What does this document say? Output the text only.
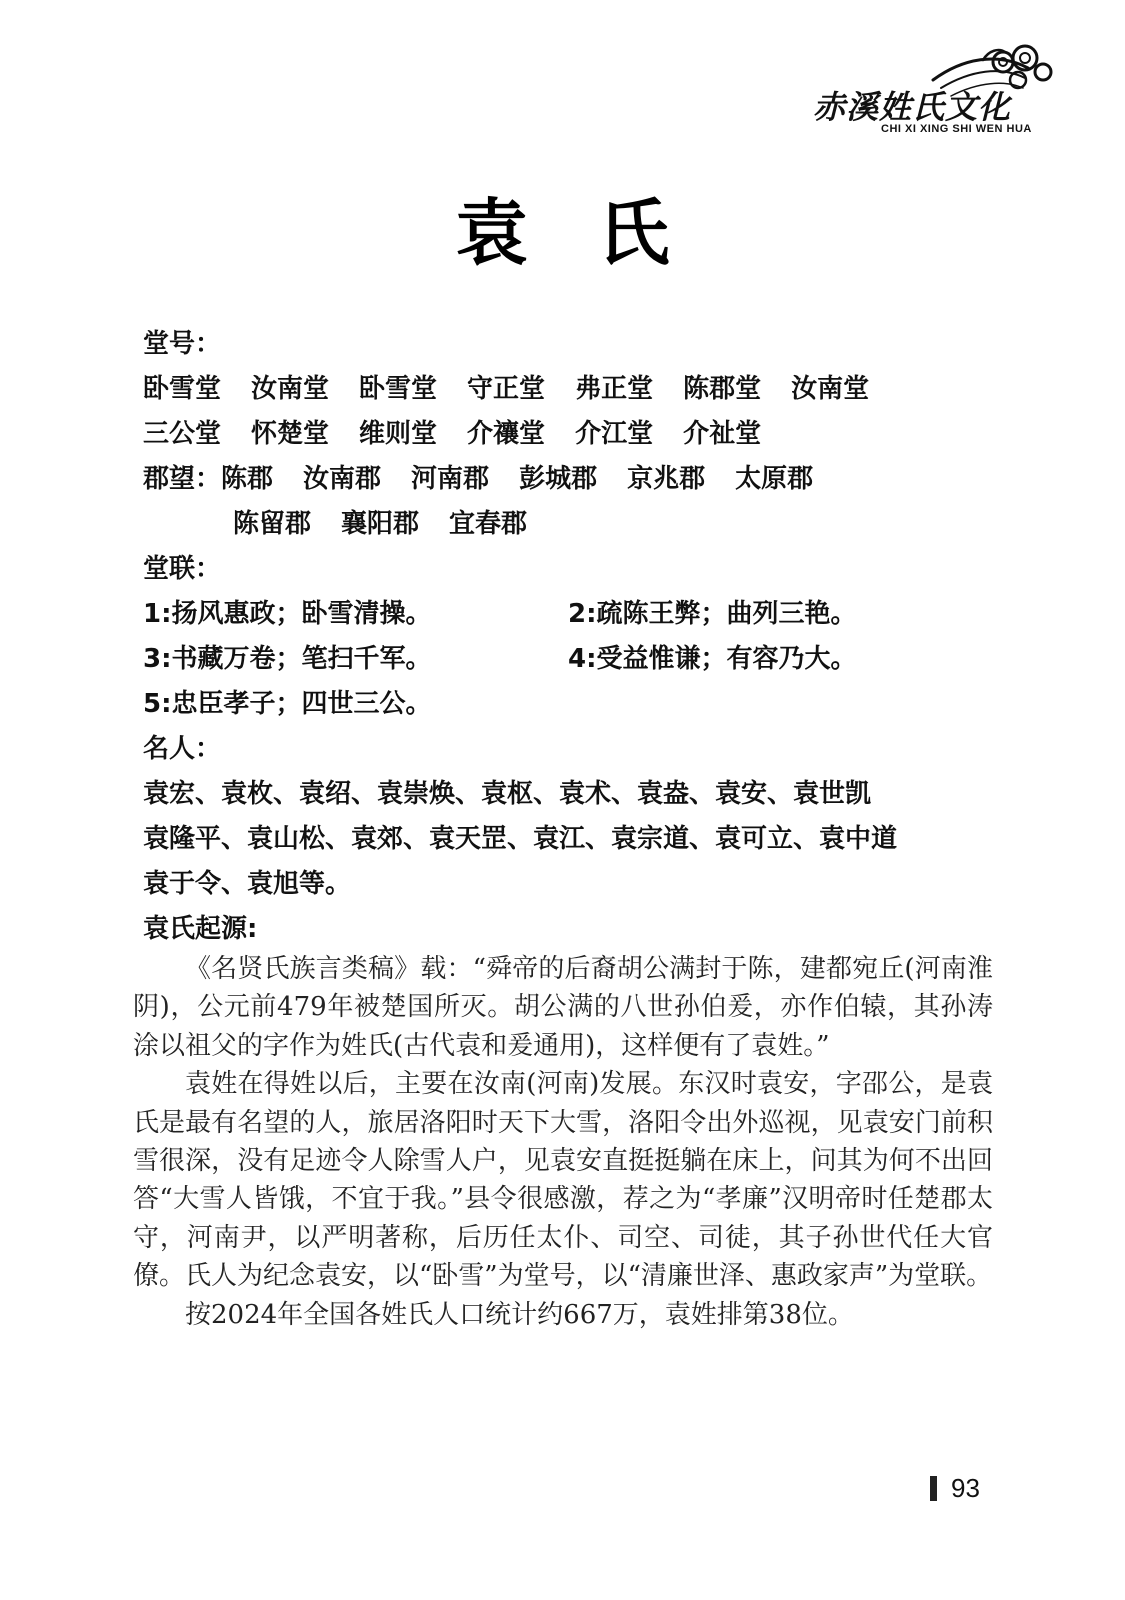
赤溪姓氏文化
CHI XI XING SHI WEN HUA
袁氏
堂号：
卧雪堂 汝南堂 卧雪堂 守正堂 弗正堂 陈郡堂 汝南堂
三公堂 怀楚堂 维则堂 介禳堂 介江堂 介祉堂
郡望：陈郡 汝南郡 河南郡 彭城郡 京兆郡 太原郡
陈留郡 襄阳郡 宜春郡
堂联：
1:扬风惠政；卧雪清操。	2:疏陈王弊；曲列三艳。
3:书藏万卷；笔扫千军。	4:受益惟谦；有容乃大。
5:忠臣孝子；四世三公。
名人：
袁宏、袁枚、袁绍、袁崇焕、袁枢、袁术、袁盎、袁安、袁世凯
袁隆平、袁山松、袁郊、袁天罡、袁江、袁宗道、袁可立、袁中道
袁于令、袁旭等。
袁氏起源:

《名贤氏族言类稿》载：“舜帝的后裔胡公满封于陈，建都宛丘(河南淮阴)，公元前479年被楚国所灭。胡公满的八世孙伯爰，亦作伯辕，其孙涛涂以祖父的字作为姓氏(古代袁和爰通用)，这样便有了袁姓。”

袁姓在得姓以后，主要在汝南(河南)发展。东汉时袁安，字邵公，是袁氏是最有名望的人，旅居洛阳时天下大雪，洛阳令出外巡视，见袁安门前积雪很深，没有足迹令人除雪人户，见袁安直挺挺躺在床上，问其为何不出回答“大雪人皆饿，不宜于我。”县令很感激，荐之为“孝廉”汉明帝时任楚郡太守，河南尹，以严明著称，后历任太仆、司空、司徒，其子孙世代任大官僚。氏人为纪念袁安，以“卧雪”为堂号，以“清廉世泽、惠政家声”为堂联。

按2024年全国各姓氏人口统计约667万，袁姓排第38位。

93
